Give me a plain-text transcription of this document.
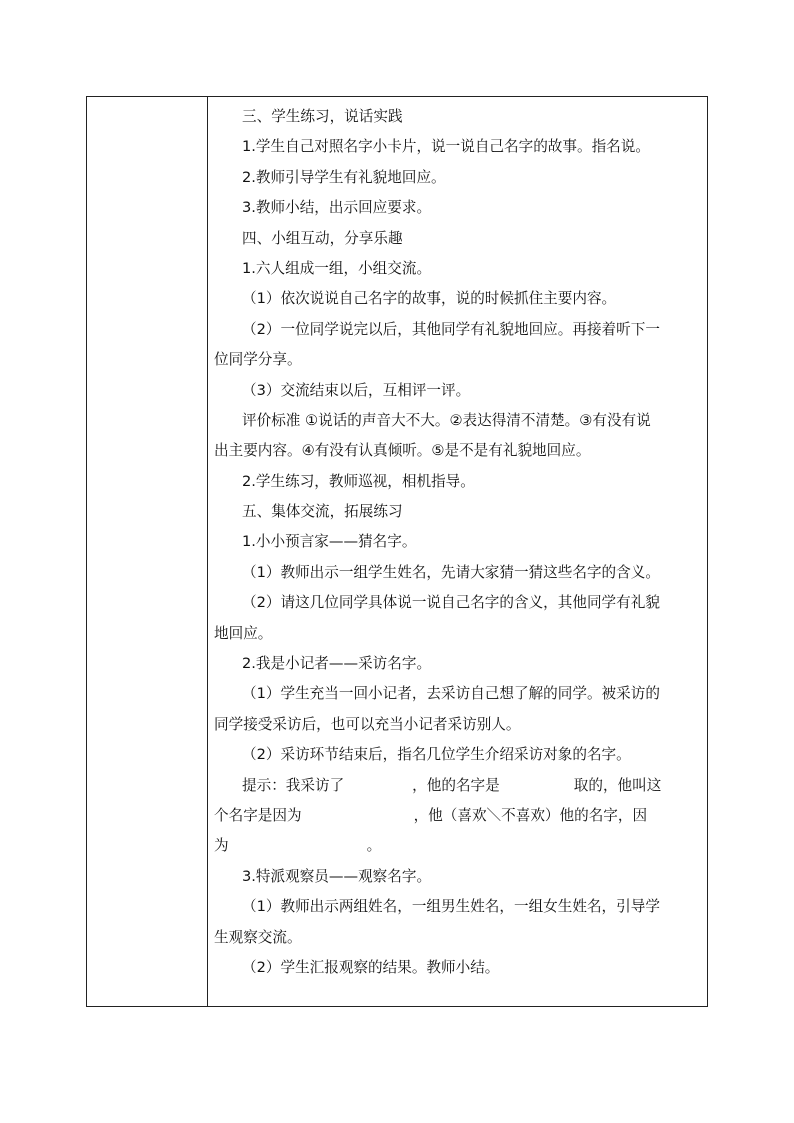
三、学生练习，说话实践
1.学生自己对照名字小卡片，说一说自己名字的故事。指名说。
2.教师引导学生有礼貌地回应。
3.教师小结，出示回应要求。
四、小组互动，分享乐趣
1.六人组成一组，小组交流。
（1）依次说说自己名字的故事，说的时候抓住主要内容。
（2）一位同学说完以后，其他同学有礼貌地回应。再接着听下一
位同学分享。
（3）交流结束以后，互相评一评。
评价标准 ①说话的声音大不大。②表达得清不清楚。③有没有说
出主要内容。④有没有认真倾听。⑤是不是有礼貌地回应。
2.学生练习，教师巡视，相机指导。
五、集体交流，拓展练习
1.小小预言家——猜名字。
（1）教师出示一组学生姓名，先请大家猜一猜这些名字的含义。
（2）请这几位同学具体说一说自己名字的含义，其他同学有礼貌
地回应。
2.我是小记者——采访名字。
（1）学生充当一回小记者，去采访自己想了解的同学。被采访的
同学接受采访后，也可以充当小记者采访别人。
（2）采访环节结束后，指名几位学生介绍采访对象的名字。
提示：我采访了	，他的名字是	取的，他叫这
个名字是因为	，他（喜欢＼不喜欢）他的名字，因
为	。
3.特派观察员——观察名字。
（1）教师出示两组姓名，一组男生姓名，一组女生姓名，引导学
生观察交流。
（2）学生汇报观察的结果。教师小结。
